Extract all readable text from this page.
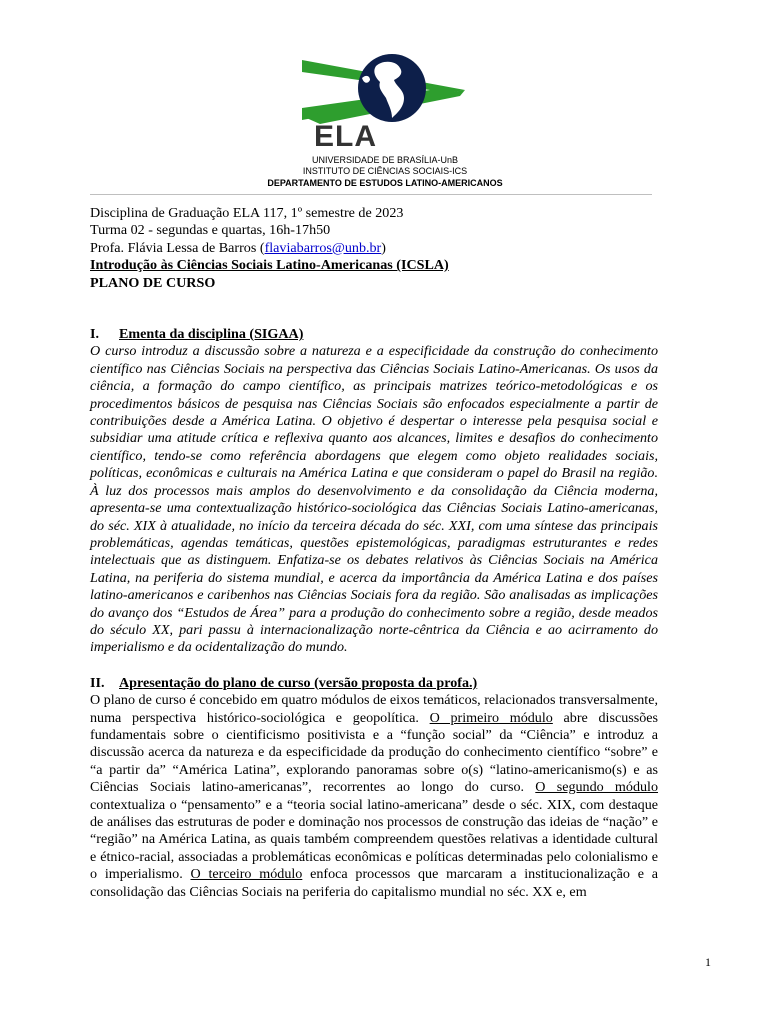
ELA
UNIVERSIDADE DE BRASÍLIA-UnB
INSTITUTO DE CIÊNCIAS SOCIAIS-ICS
DEPARTAMENTO DE ESTUDOS LATINO-AMERICANOS

Disciplina de Graduação ELA 117, 1º semestre de 2023

Turma 02 - segundas e quartas, 16h-17h50

Profa. Flávia Lessa de Barros (flaviabarros@unb.br)

Introdução às Ciências Sociais Latino-Americanas (ICSLA)

PLANO DE CURSO

I. Ementa da disciplina (SIGAA)

O curso introduz a discussão sobre a natureza e a especificidade da construção do conhecimento científico nas Ciências Sociais na perspectiva das Ciências Sociais Latino-Americanas. Os usos da ciência, a formação do campo científico, as principais matrizes teórico-metodológicas e os procedimentos básicos de pesquisa nas Ciências Sociais são enfocados especialmente a partir de contribuições desde a América Latina. O objetivo é despertar o interesse pela pesquisa social e subsidiar uma atitude crítica e reflexiva quanto aos alcances, limites e desafios do conhecimento científico, tendo-se como referência abordagens que elegem como objeto realidades sociais, políticas, econômicas e culturais na América Latina e que consideram o papel do Brasil na região. À luz dos processos mais amplos do desenvolvimento e da consolidação da Ciência moderna, apresenta-se uma contextualização histórico-sociológica das Ciências Sociais Latino-americanas, do séc. XIX à atualidade, no início da terceira década do séc. XXI, com uma síntese das principais problemáticas, agendas temáticas, questões epistemológicas, paradigmas estruturantes e redes intelectuais que as distinguem. Enfatiza-se os debates relativos às Ciências Sociais na América Latina, na periferia do sistema mundial, e acerca da importância da América Latina e dos países latino-americanos e caribenhos nas Ciências Sociais fora da região. São analisadas as implicações do avanço dos “Estudos de Área” para a produção do conhecimento sobre a região, desde meados do século XX, pari passu à internacionalização norte-cêntrica da Ciência e ao acirramento do imperialismo e da ocidentalização do mundo.

II. Apresentação do plano de curso (versão proposta da profa.)

O plano de curso é concebido em quatro módulos de eixos temáticos, relacionados transversalmente, numa perspectiva histórico-sociológica e geopolítica. O primeiro módulo abre discussões fundamentais sobre o cientificismo positivista e a “função social” da “Ciência” e introduz a discussão acerca da natureza e da especificidade da produção do conhecimento científico “sobre” e “a partir da” “América Latina”, explorando panoramas sobre o(s) “latino-americanismo(s) e as Ciências Sociais latino-americanas”, recorrentes ao longo do curso. O segundo módulo contextualiza o “pensamento” e a “teoria social latino-americana” desde o séc. XIX, com destaque de análises das estruturas de poder e dominação nos processos de construção das ideias de “nação” e “região” na América Latina, as quais também compreendem questões relativas a identidade cultural e étnico-racial, associadas a problemáticas econômicas e políticas determinadas pelo colonialismo e o imperialismo. O terceiro módulo enfoca processos que marcaram a institucionalização e a consolidação das Ciências Sociais na periferia do capitalismo mundial no séc. XX e, em

1
